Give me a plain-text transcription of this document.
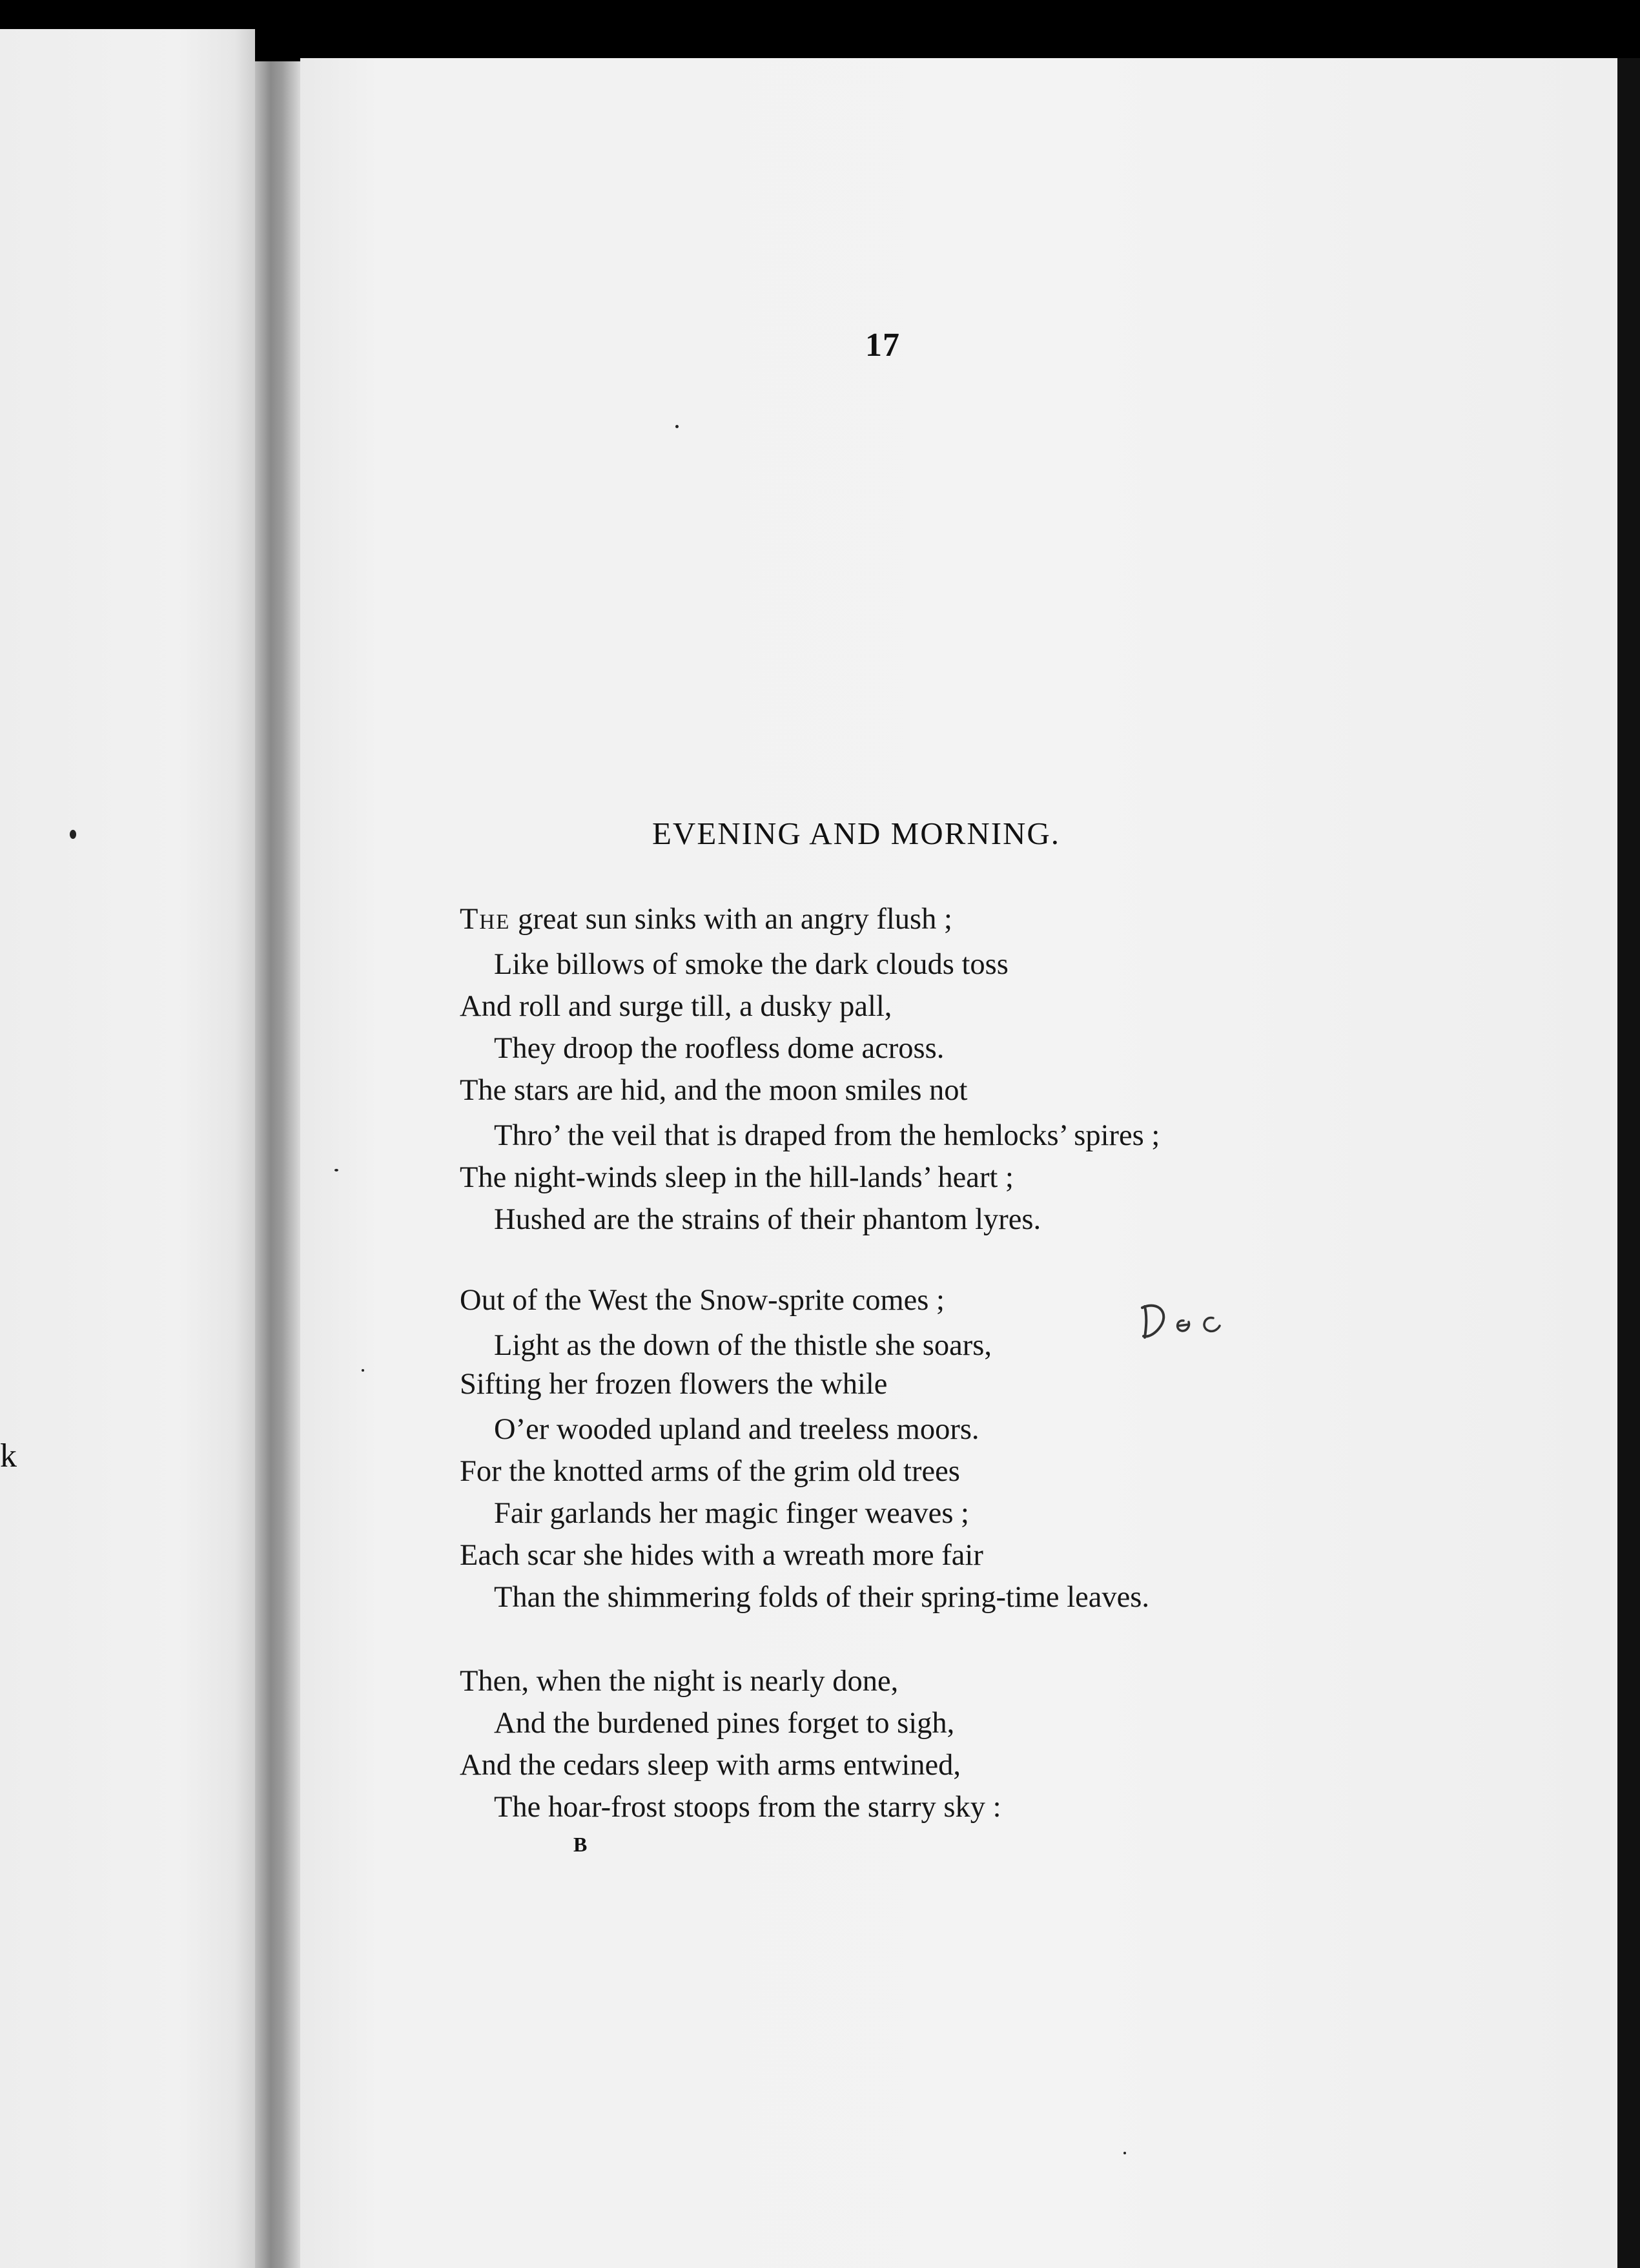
k

17

EVENING AND MORNING.

The great sun sinks with an angry flush ;

Like billows of smoke the dark clouds toss

And roll and surge till, a dusky pall,

They droop the roofless dome across.

The stars are hid, and the moon smiles not

Thro’ the veil that is draped from the hemlocks’ spires ;

The night-winds sleep in the hill-lands’ heart ;

Hushed are the strains of their phantom lyres.

Out of the West the Snow-sprite comes ;

Light as the down of the thistle she soars,

Sifting her frozen flowers the while

O’er wooded upland and treeless moors.

For the knotted arms of the grim old trees

Fair garlands her magic finger weaves ;

Each scar she hides with a wreath more fair

Than the shimmering folds of their spring-time leaves.

Then, when the night is nearly done,

And the burdened pines forget to sigh,

And the cedars sleep with arms entwined,

The hoar-frost stoops from the starry sky :

B
